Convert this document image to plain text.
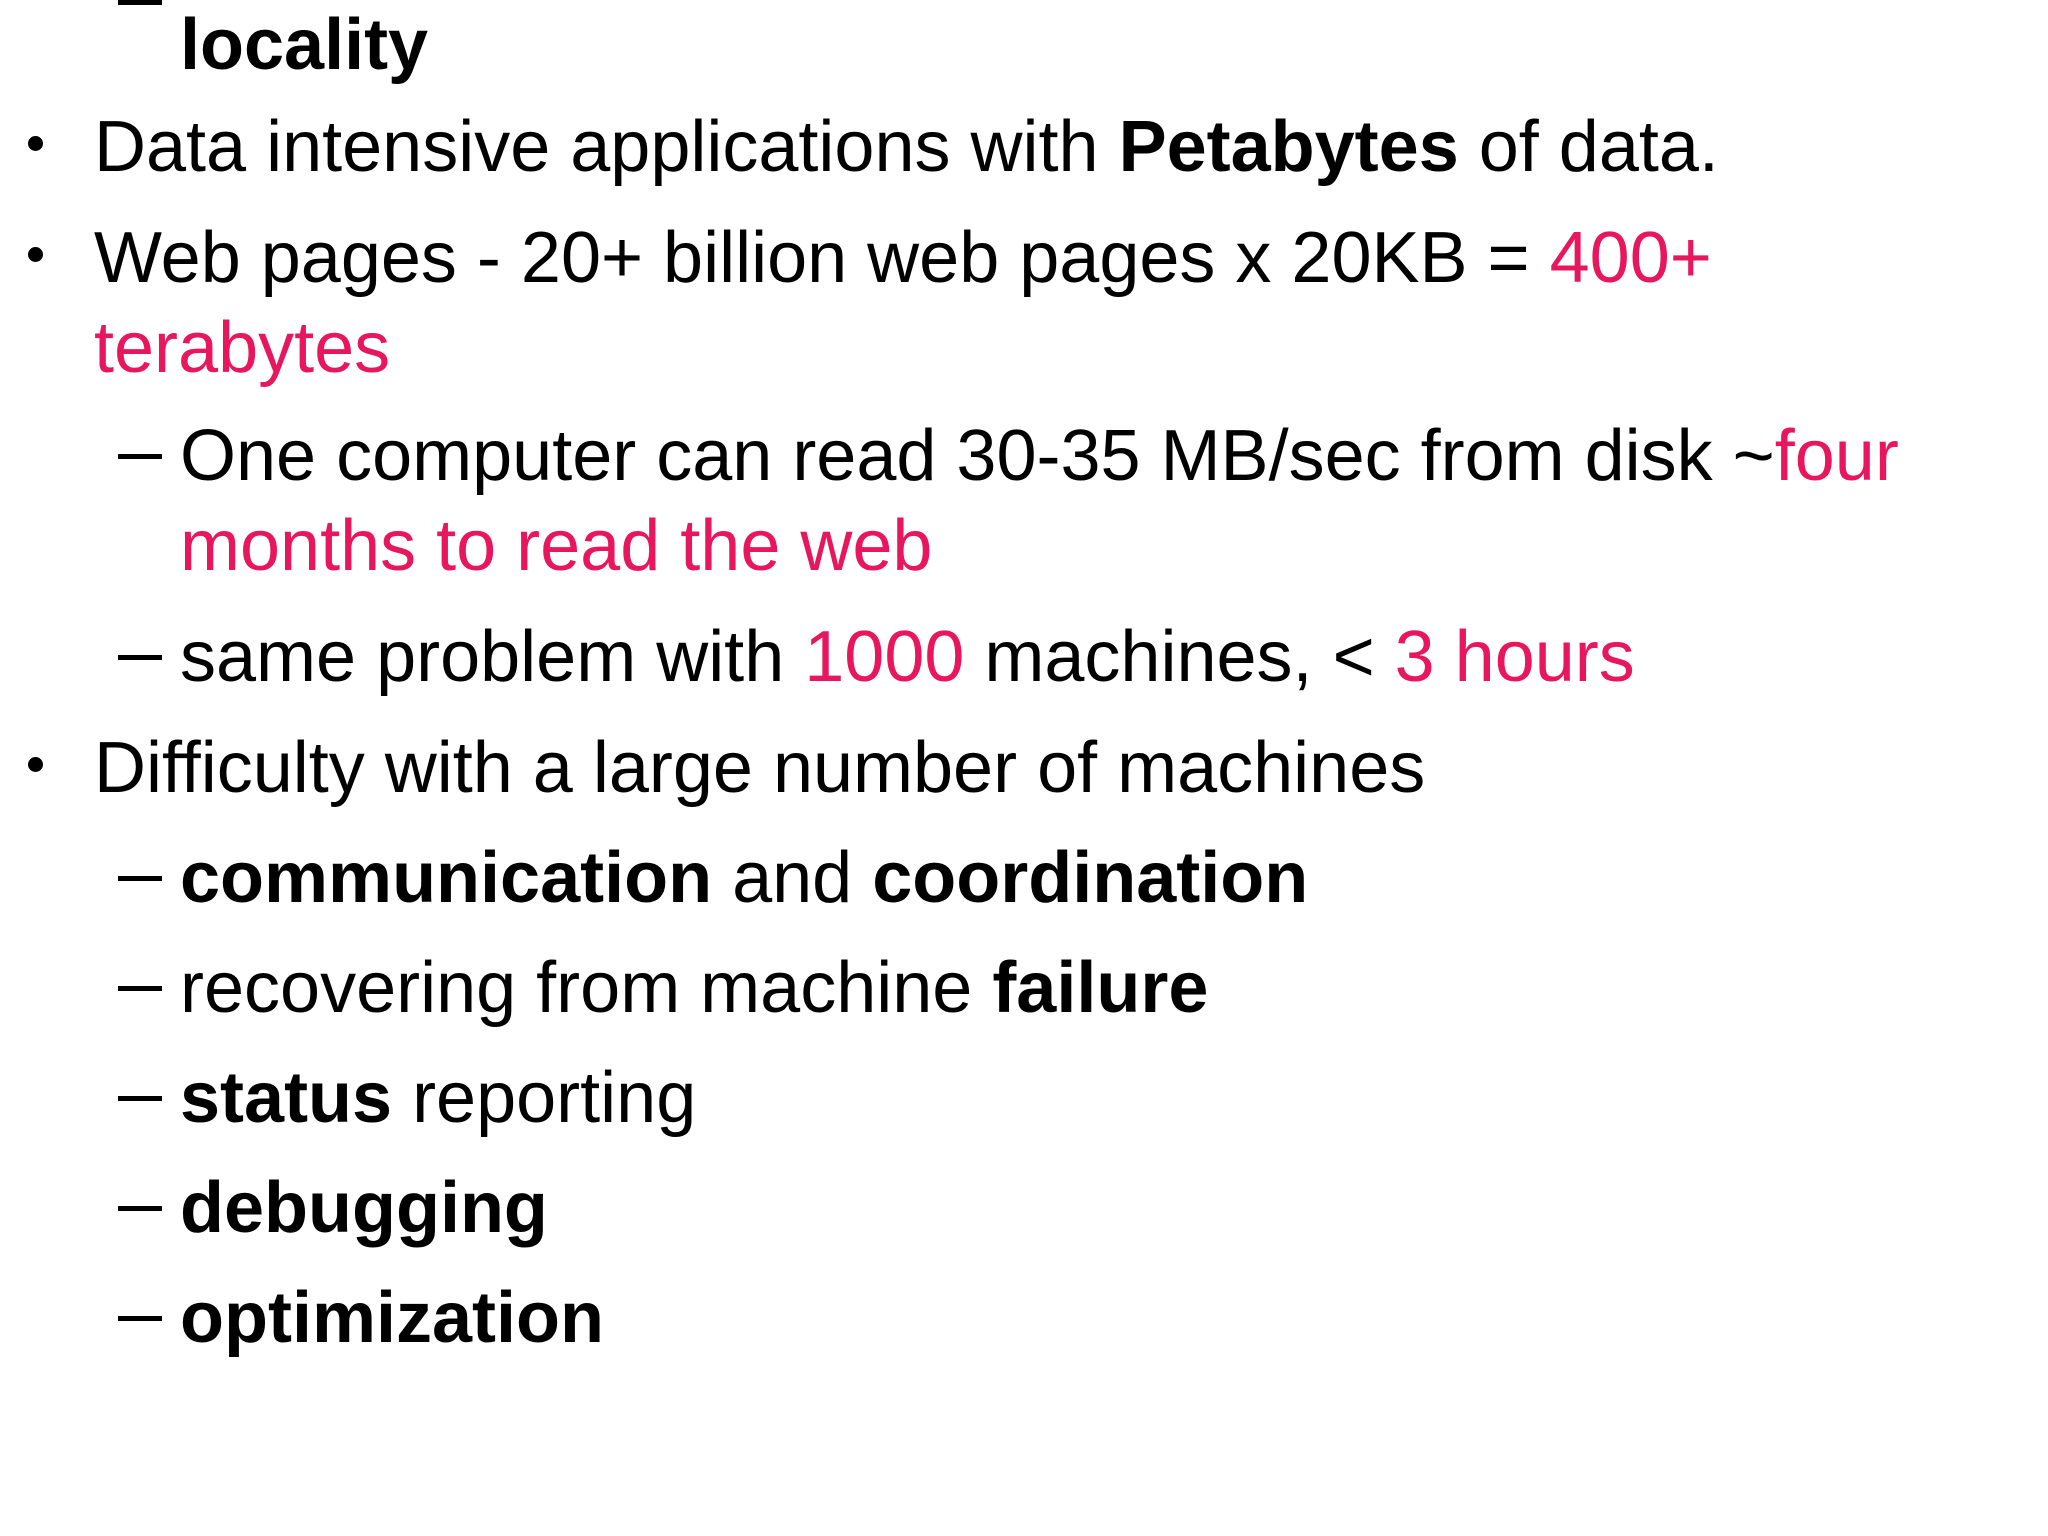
Data intensive applications with Petabytes of data.
Web pages - 20+ billion web pages x 20KB = 400+
terabytes
One computer can read 30-35 MB/sec from disk ~four
months to read the web
same problem with 1000 machines, < 3 hours
Difficulty with a large number of machines
communication and coordination
recovering from machine failure
status reporting
debugging
optimization
locality
